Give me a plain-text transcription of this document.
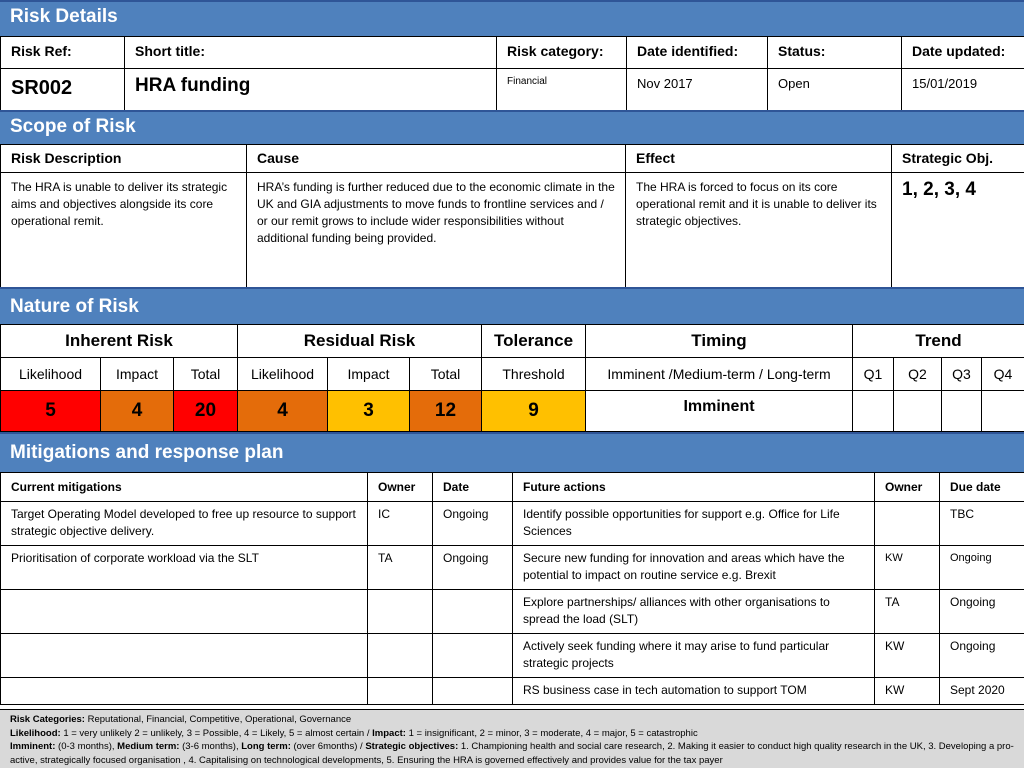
Risk Details
Risk Ref:	Short title:	Risk category:	Date identified:	Status:	Date updated:
SR002	HRA funding	Financial	Nov 2017	Open	15/01/2019
Scope of Risk
Risk Description	Cause	Effect	Strategic Obj.
The HRA is unable to deliver its strategic aims and objectives alongside its core operational remit.	HRA’s funding is further reduced due to the economic climate in the UK and GIA adjustments to move funds to frontline services and / or our remit grows to include wider responsibilities without additional funding being provided.	The HRA is forced to focus on its core operational remit and it is unable to deliver its strategic objectives.	1, 2, 3, 4
Nature of Risk
Inherent Risk			Residual Risk			Tolerance	Timing	Trend			
Likelihood	Impact	Total	Likelihood	Impact	Total	Threshold	Imminent /Medium-term / Long-term	Q1	Q2	Q3	Q4
5	4	20	4	3	12	9	Imminent				
Mitigations and response plan
Current mitigations	Owner	Date	Future actions	Owner	Due date
Target Operating Model developed to free up resource to support strategic objective delivery.	IC	Ongoing	Identify possible opportunities for support e.g. Office for Life Sciences		TBC
Prioritisation of corporate workload via the SLT	TA	Ongoing	Secure new funding for innovation and areas which have the potential to impact on routine service e.g. Brexit	KW	Ongoing
			Explore partnerships/ alliances with other organisations to spread the load (SLT)	TA	Ongoing
			Actively seek funding where it may arise to fund particular strategic projects	KW	Ongoing
			RS business case in tech automation to support TOM	KW	Sept 2020
Risk Categories: Reputational, Financial, Competitive, Operational, Governance
Likelihood: 1 = very unlikely 2 = unlikely, 3 = Possible, 4 = Likely, 5 = almost certain / Impact: 1 = insignificant, 2 = minor, 3 = moderate, 4 = major, 5 = catastrophic
Imminent: (0-3 months), Medium term: (3-6 months), Long term: (over 6months) / Strategic objectives: 1. Championing health and social care research, 2. Making it easier to conduct high quality research in the UK, 3. Developing a pro-active, strategically focused organisation , 4. Capitalising on technological developments, 5. Ensuring the HRA is governed effectively and provides value for the tax payer
